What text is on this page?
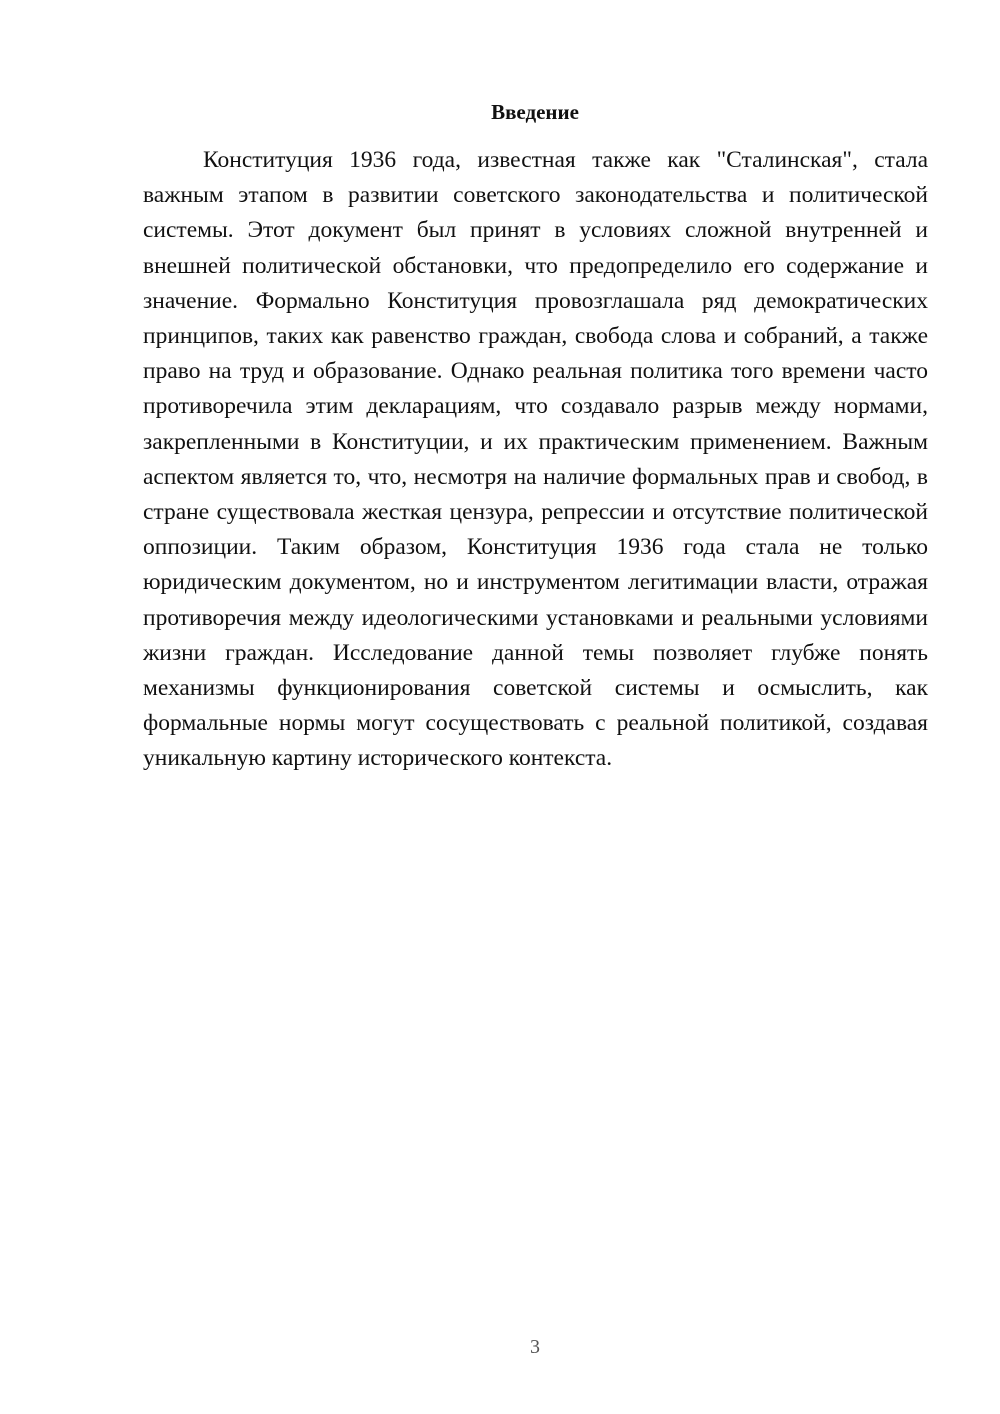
Введение

Конституция 1936 года, известная также как "Сталинская", стала важным этапом в развитии советского законодательства и политической системы. Этот документ был принят в условиях сложной внутренней и внешней политической обстановки, что предопределило его содержание и значение. Формально Конституция провозглашала ряд демократических принципов, таких как равенство граждан, свобода слова и собраний, а также право на труд и образование. Однако реальная политика того времени часто противоречила этим декларациям, что создавало разрыв между нормами, закрепленными в Конституции, и их практическим применением. Важным аспектом является то, что, несмотря на наличие формальных прав и свобод, в стране существовала жесткая цензура, репрессии и отсутствие политической оппозиции. Таким образом, Конституция 1936 года стала не только юридическим документом, но и инструментом легитимации власти, отражая противоречия между идеологическими установками и реальными условиями жизни граждан. Исследование данной темы позволяет глубже понять механизмы функционирования советской системы и осмыслить, как формальные нормы могут сосуществовать с реальной политикой, создавая уникальную картину исторического контекста.

3
